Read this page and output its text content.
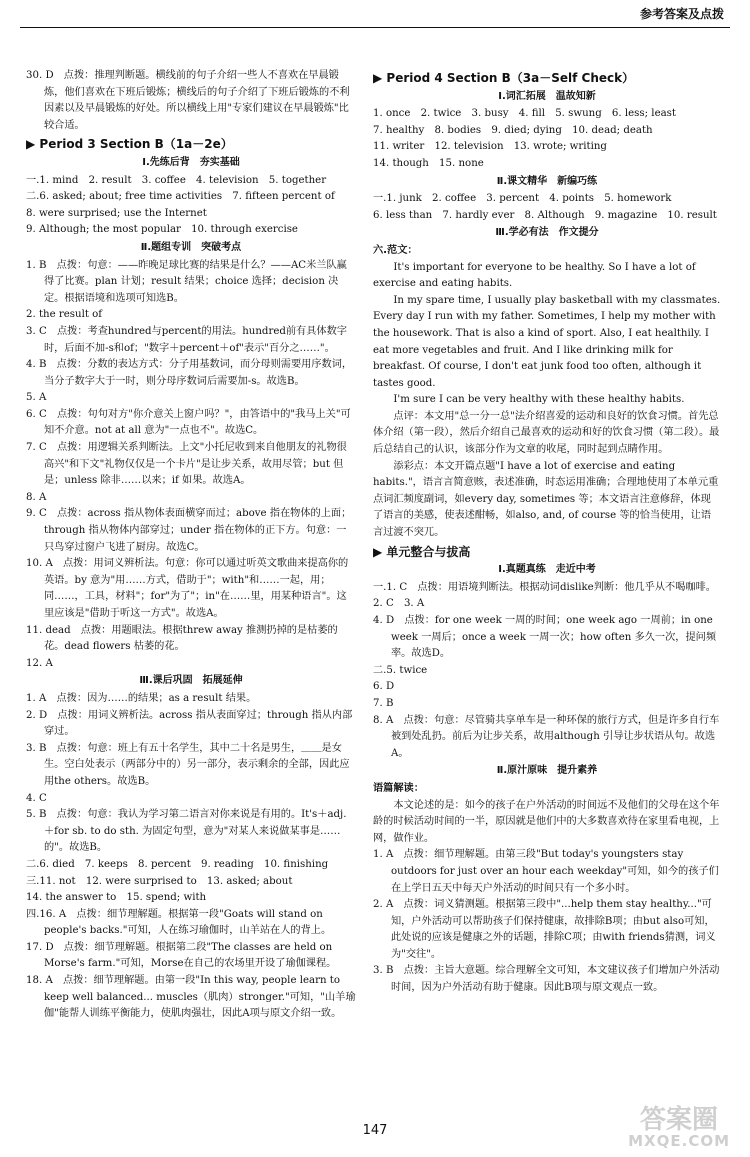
参考答案及点拨

30. D　点拨：推理判断题。横线前的句子介绍一些人不喜欢在早晨锻炼，他们喜欢在下班后锻炼；横线后的句子介绍了下班后锻炼的不利因素以及早晨锻炼的好处。所以横线上用"专家们建议在早晨锻炼"比较合适。

▶ Period 3 Section B（1a－2e）
Ⅰ.先练后背　夯实基础

一.1. mind　2. result　3. coffee　4. television　5. together

二.6. asked; about; free time activities　7. fifteen percent of

8. were surprised; use the Internet

9. Although; the most popular　10. through exercise

Ⅱ.题组专训　突破考点

1. B　点拨：句意：——昨晚足球比赛的结果是什么？——AC米兰队赢得了比赛。plan 计划；result 结果；choice 选择；decision 决定。根据语境和选项可知选B。

2. the result of

3. C　点拨：考查hundred与percent的用法。hundred前有具体数字时，后面不加-s和of；"数字＋percent＋of"表示"百分之……"。

4. B　点拨：分数的表达方式：分子用基数词，而分母则需要用序数词，当分子数字大于一时，则分母序数词后需要加-s。故选B。

5. A

6. C　点拨：句句对方"你介意关上窗户吗？"，由答语中的"我马上关"可知不介意。not at all 意为"一点也不"。故选C。

7. C　点拨：用逻辑关系判断法。上文"小托尼收到来自他朋友的礼物很高兴"和下文"礼物仅仅是一个卡片"是让步关系，故用尽管；but 但是；unless 除非……以来；if 如果。故选A。

8. A

9. C　点拨：across 指从物体表面横穿而过；above 指在物体的上面；through 指从物体内部穿过；under 指在物体的正下方。句意：一只鸟穿过窗户飞进了厨房。故选C。

10. A　点拨：用词义辨析法。句意：你可以通过听英文歌曲来提高你的英语。by 意为"用……方式，借助于"；with"和……一起，用；同……，工具，材料"；for"为了"；in"在……里，用某种语言"。这里应该是"借助于听这一方式"。故选A。

11. dead　点拨：用题眼法。根据threw away 推测扔掉的是枯萎的花。dead flowers 枯萎的花。

12. A

Ⅲ.课后巩固　拓展延伸

1. A　点拨：因为……的结果；as a result 结果。

2. D　点拨：用词义辨析法。across 指从表面穿过；through 指从内部穿过。

3. B　点拨：句意：班上有五十名学生，其中二十名是男生，＿＿是女生。空白处表示（两部分中的）另一部分，表示剩余的全部，因此应用the others。故选B。

4. C

5. B　点拨：句意：我认为学习第二语言对你来说是有用的。It's＋adj.＋for sb. to do sth. 为固定句型，意为"对某人来说做某事是……的"。故选B。

二.6. died　7. keeps　8. percent　9. reading　10. finishing

三.11. not　12. were surprised to　13. asked; about

14. the answer to　15. spend; with

四.16. A　点拨：细节理解题。根据第一段"Goats will stand on people's backs."可知，人在练习瑜伽时，山羊站在人的背上。

17. D　点拨：细节理解题。根据第二段"The classes are held on Morse's farm."可知，Morse在自己的农场里开设了瑜伽课程。

18. A　点拨：细节理解题。由第一段"In this way, people learn to keep well balanced... muscles（肌肉）stronger."可知，"山羊瑜伽"能帮人训练平衡能力，使肌肉强壮，因此A项与原文介绍一致。

▶ Period 4 Section B（3a－Self Check）
Ⅰ.词汇拓展　温故知新

1. once　2. twice　3. busy　4. fill　5. swung　6. less; least

7. healthy　8. bodies　9. died; dying　10. dead; death

11. writer　12. television　13. wrote; writing

14. though　15. none

Ⅱ.课文精华　新编巧练

一.1. junk　2. coffee　3. percent　4. points　5. homework

6. less than　7. hardly ever　8. Although　9. magazine　10. result

Ⅲ.学必有法　作文提分

六.范文：

It's important for everyone to be healthy. So I have a lot of exercise and eating habits.

In my spare time, I usually play basketball with my classmates. Every day I run with my father. Sometimes, I help my mother with the housework. That is also a kind of sport. Also, I eat healthily. I eat more vegetables and fruit. And I like drinking milk for breakfast. Of course, I don't eat junk food too often, although it tastes good.

I'm sure I can be very healthy with these healthy habits.

点评：本文用"总一分一总"法介绍喜爱的运动和良好的饮食习惯。首先总体介绍（第一段），然后介绍自己最喜欢的运动和好的饮食习惯（第二段）。最后总结自己的认识，该部分作为文章的收尾，同时起到点睛作用。

添彩点：本文开篇点题"I have a lot of exercise and eating habits."，语言言简意赅，表述准确，时态运用准确；合理地使用了本单元重点词汇频度副词，如every day, sometimes 等；本文语言注意修辞，体现了语言的美感，使表述酣畅，如also, and, of course 等的恰当使用，让语言过渡不突兀。

▶ 单元整合与拔高
Ⅰ.真题真练　走近中考

一.1. C　点拨：用语境判断法。根据动词dislike判断：他几乎从不喝咖啡。

2. C　3. A

4. D　点拨：for one week 一周的时间；one week ago 一周前；in one week 一周后；once a week 一周一次；how often 多久一次，提问频率。故选D。

二.5. twice

6. D

7. B

8. A　点拨：句意：尽管骑共享单车是一种环保的旅行方式，但是许多自行车被到处乱扔。前后为让步关系，故用although 引导让步状语从句。故选A。

Ⅱ.原汁原味　提升素养

语篇解读：

本文论述的是：如今的孩子在户外活动的时间远不及他们的父母在这个年龄的时候活动时间的一半，原因就是他们中的大多数喜欢待在家里看电视，上网，做作业。

1. A　点拨：细节理解题。由第三段"But today's youngsters stay outdoors for just over an hour each weekday"可知，如今的孩子们在上学日五天中每天户外活动的时间只有一个多小时。

2. A　点拨：词义猜测题。根据第三段中"...help them stay healthy..."可知，户外活动可以帮助孩子们保持健康，故排除B项；由but also可知，此处说的应该是健康之外的话题，排除C项；由with friends猜测，词义为"交往"。

3. B　点拨：主旨大意题。综合理解全文可知，本文建议孩子们增加户外活动时间，因为户外活动有助于健康。因此B项与原文观点一致。

147	答案圈
MXQE.COM
